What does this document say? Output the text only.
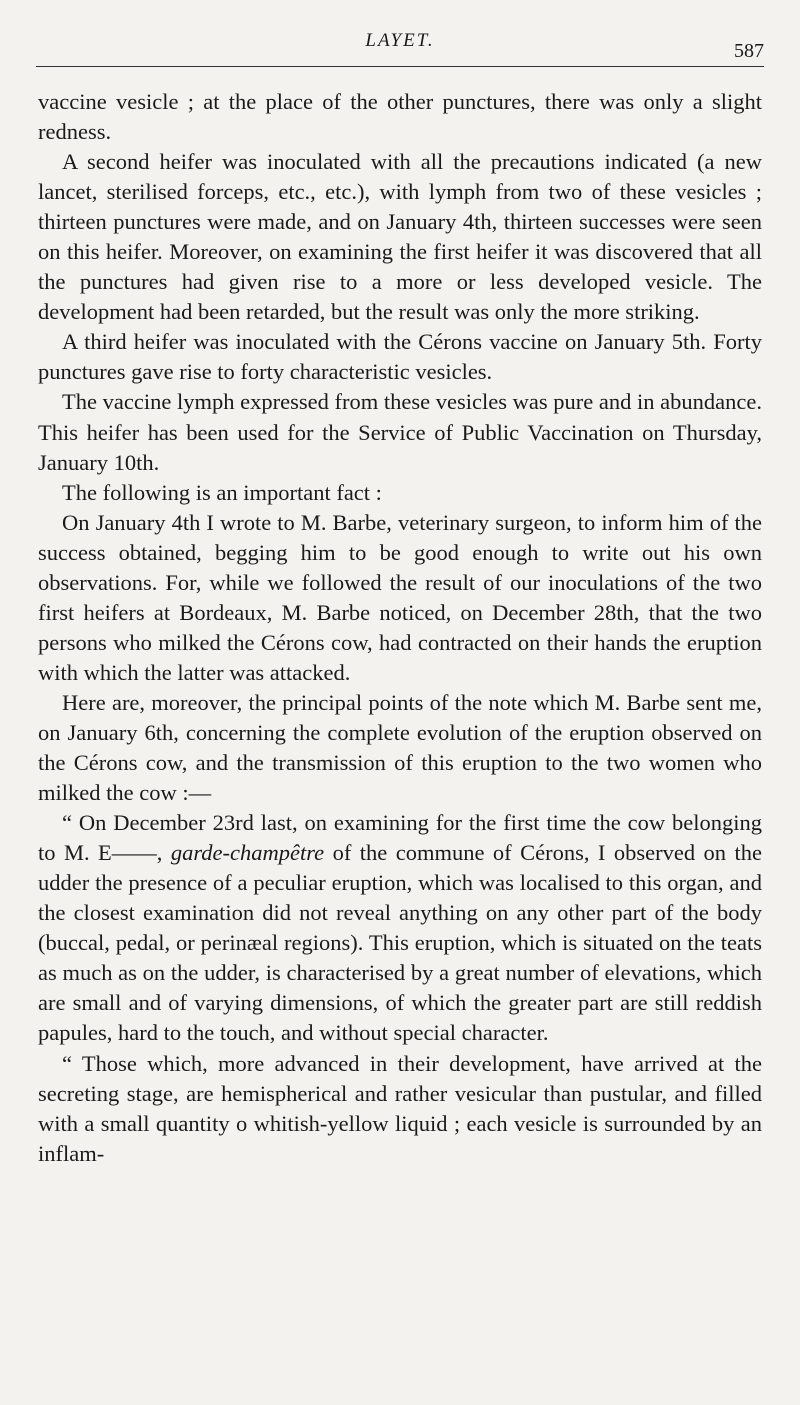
LAYET.	587

vaccine vesicle ; at the place of the other punctures, there was only a slight redness.

A second heifer was inoculated with all the precautions indicated (a new lancet, sterilised forceps, etc., etc.), with lymph from two of these vesicles ; thirteen punctures were made, and on January 4th, thirteen successes were seen on this heifer. Moreover, on examining the first heifer it was discovered that all the punctures had given rise to a more or less developed vesicle. The development had been retarded, but the result was only the more striking.

A third heifer was inoculated with the Cérons vaccine on January 5th. Forty punctures gave rise to forty characteristic vesicles.

The vaccine lymph expressed from these vesicles was pure and in abundance. This heifer has been used for the Service of Public Vaccination on Thursday, January 10th.

The following is an important fact :

On January 4th I wrote to M. Barbe, veterinary surgeon, to inform him of the success obtained, begging him to be good enough to write out his own observations. For, while we followed the result of our inoculations of the two first heifers at Bordeaux, M. Barbe noticed, on December 28th, that the two persons who milked the Cérons cow, had contracted on their hands the eruption with which the latter was attacked.

Here are, moreover, the principal points of the note which M. Barbe sent me, on January 6th, concerning the complete evolution of the eruption observed on the Cérons cow, and the transmission of this eruption to the two women who milked the cow :—

“ On December 23rd last, on examining for the first time the cow belonging to M. E——, garde-champêtre of the commune of Cérons, I observed on the udder the presence of a peculiar eruption, which was localised to this organ, and the closest examination did not reveal anything on any other part of the body (buccal, pedal, or perinæal regions). This eruption, which is situated on the teats as much as on the udder, is characterised by a great number of elevations, which are small and of varying dimensions, of which the greater part are still reddish papules, hard to the touch, and without special character.

“ Those which, more advanced in their development, have arrived at the secreting stage, are hemispherical and rather vesicular than pustular, and filled with a small quantity o whitish-yellow liquid ; each vesicle is surrounded by an inflam-
